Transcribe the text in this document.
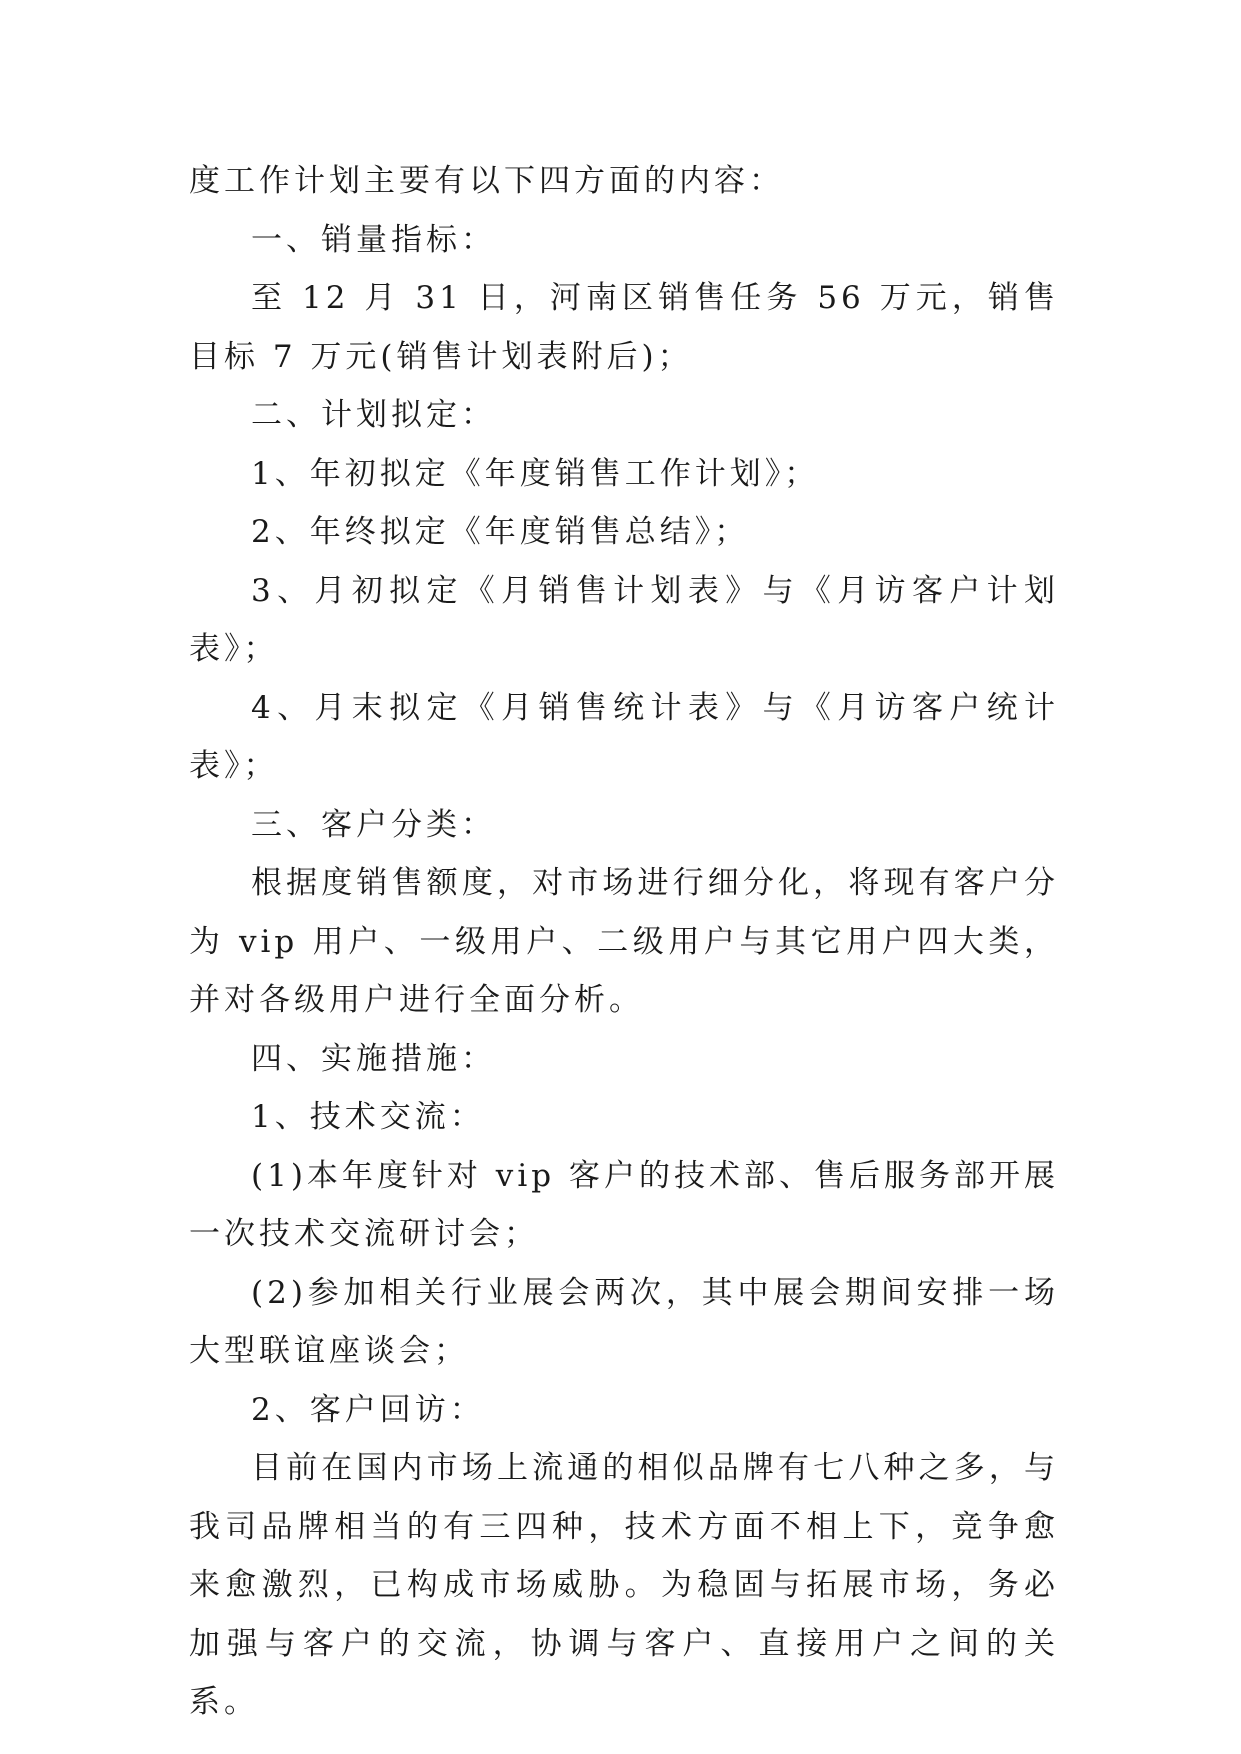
度工作计划主要有以下四方面的内容：

一、销量指标：

至 12 月 31 日，河南区销售任务 56 万元，销售目标 7 万元(销售计划表附后)；

二、计划拟定：

1、年初拟定《年度销售工作计划》；

2、年终拟定《年度销售总结》；

3、月初拟定《月销售计划表》与《月访客户计划表》；

4、月末拟定《月销售统计表》与《月访客户统计表》；

三、客户分类：

根据度销售额度，对市场进行细分化，将现有客户分为 vip 用户、一级用户、二级用户与其它用户四大类，并对各级用户进行全面分析。

四、实施措施：

1、技术交流：

(1)本年度针对 vip 客户的技术部、售后服务部开展一次技术交流研讨会；

(2)参加相关行业展会两次，其中展会期间安排一场大型联谊座谈会；

2、客户回访：

目前在国内市场上流通的相似品牌有七八种之多，与我司品牌相当的有三四种，技术方面不相上下，竞争愈来愈激烈，已构成市场威胁。为稳固与拓展市场，务必加强与客户的交流，协调与客户、直接用户之间的关系。
